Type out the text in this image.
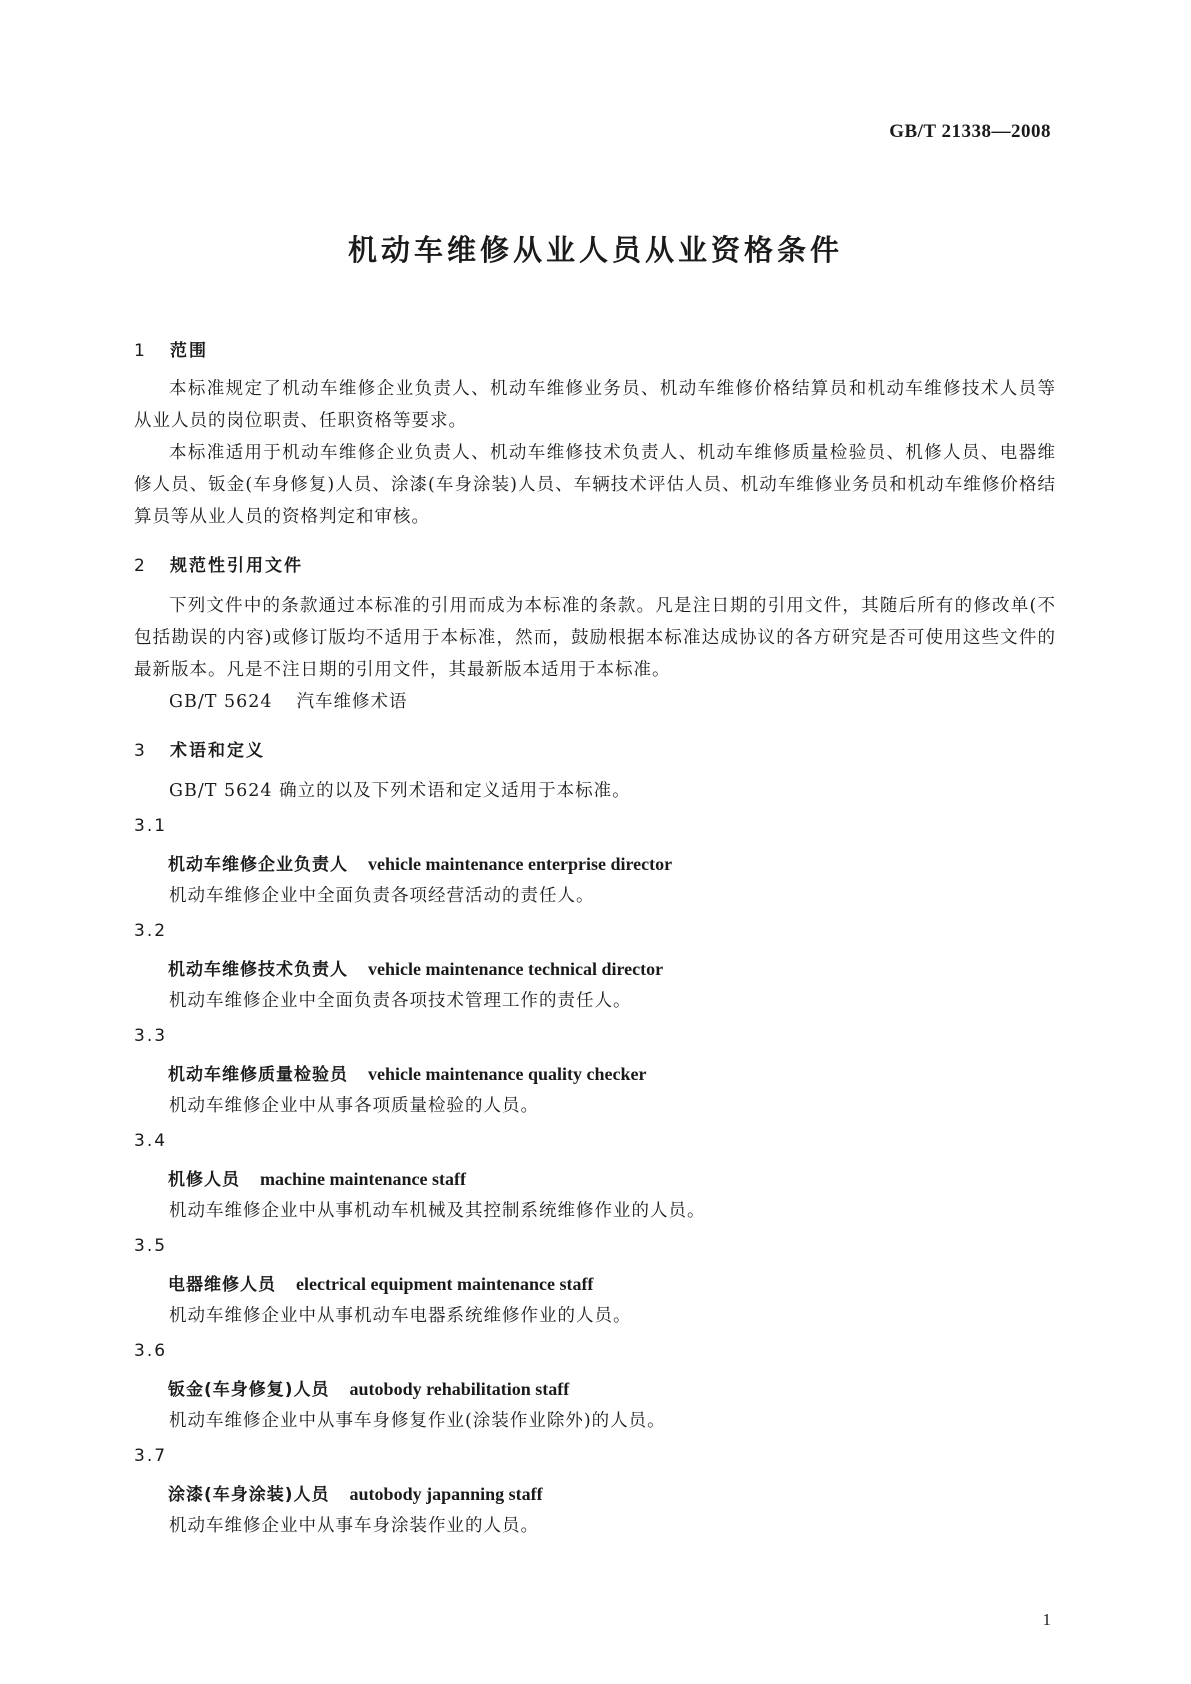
GB/T 21338—2008
机动车维修从业人员从业资格条件
1 范围
本标准规定了机动车维修企业负责人、机动车维修业务员、机动车维修价格结算员和机动车维修技术人员等从业人员的岗位职责、任职资格等要求。
本标准适用于机动车维修企业负责人、机动车维修技术负责人、机动车维修质量检验员、机修人员、电器维修人员、钣金(车身修复)人员、涂漆(车身涂装)人员、车辆技术评估人员、机动车维修业务员和机动车维修价格结算员等从业人员的资格判定和审核。
2 规范性引用文件
下列文件中的条款通过本标准的引用而成为本标准的条款。凡是注日期的引用文件，其随后所有的修改单(不包括勘误的内容)或修订版均不适用于本标准，然而，鼓励根据本标准达成协议的各方研究是否可使用这些文件的最新版本。凡是不注日期的引用文件，其最新版本适用于本标准。
GB/T 5624 汽车维修术语
3 术语和定义
GB/T 5624 确立的以及下列术语和定义适用于本标准。
3.1
机动车维修企业负责人 vehicle maintenance enterprise director
机动车维修企业中全面负责各项经营活动的责任人。
3.2
机动车维修技术负责人 vehicle maintenance technical director
机动车维修企业中全面负责各项技术管理工作的责任人。
3.3
机动车维修质量检验员 vehicle maintenance quality checker
机动车维修企业中从事各项质量检验的人员。
3.4
机修人员 machine maintenance staff
机动车维修企业中从事机动车机械及其控制系统维修作业的人员。
3.5
电器维修人员 electrical equipment maintenance staff
机动车维修企业中从事机动车电器系统维修作业的人员。
3.6
钣金(车身修复)人员 autobody rehabilitation staff
机动车维修企业中从事车身修复作业(涂装作业除外)的人员。
3.7
涂漆(车身涂装)人员 autobody japanning staff
机动车维修企业中从事车身涂装作业的人员。
1
